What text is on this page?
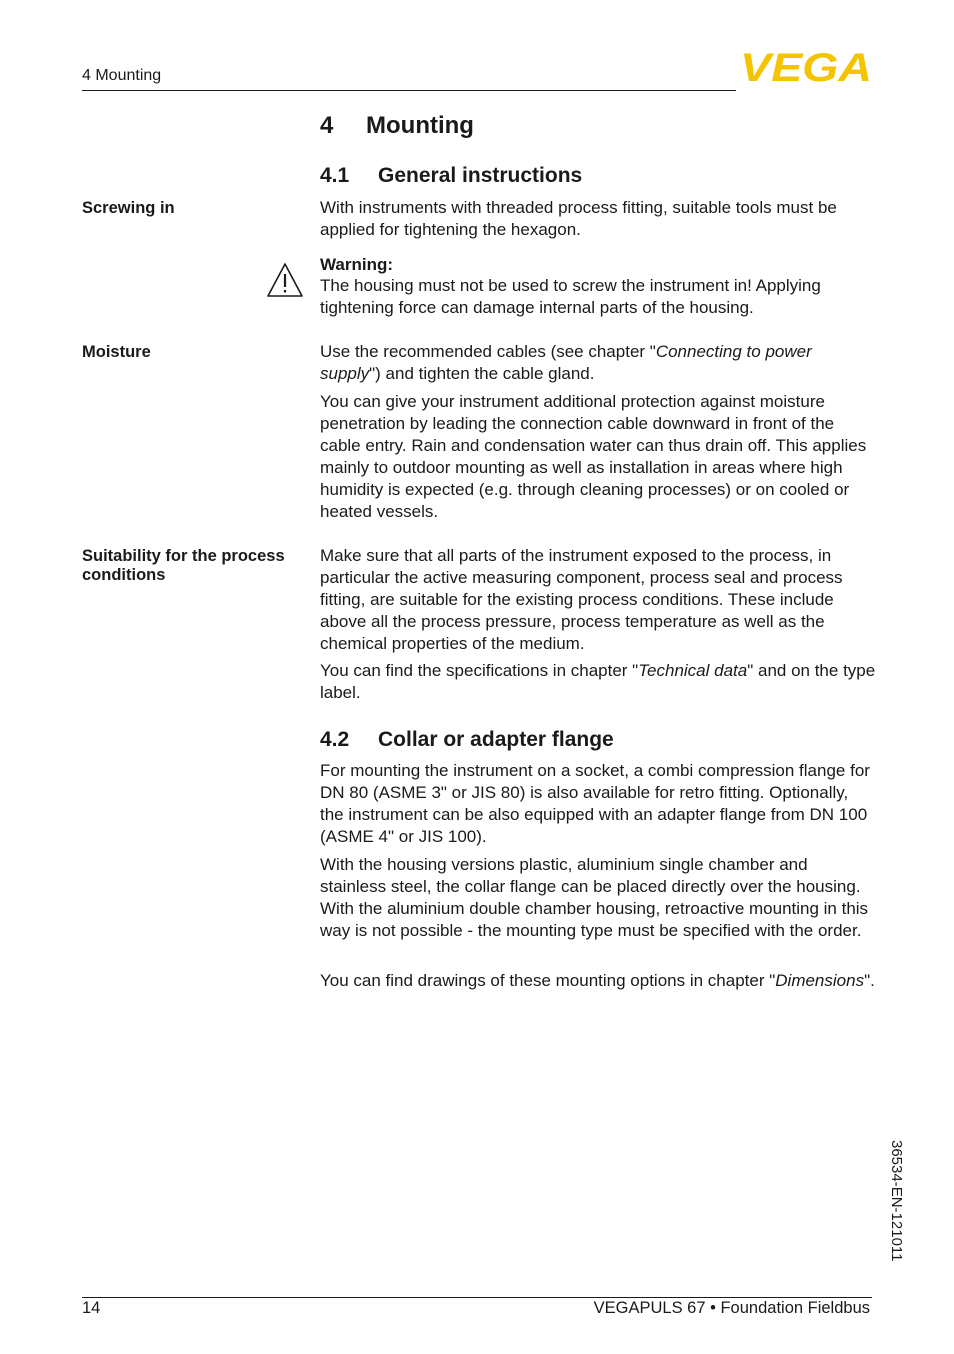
4 Mounting	VEGA
4 Mounting
4.1 General instructions
Screwing in	With instruments with threaded process fitting, suitable tools must be applied for tightening the hexagon.

Warning:

The housing must not be used to screw the instrument in! Applying tightening force can damage internal parts of the housing.

Moisture	Use the recommended cables (see chapter "Connecting to power supply") and tighten the cable gland.

You can give your instrument additional protection against moisture penetration by leading the connection cable downward in front of the cable entry. Rain and condensation water can thus drain off. This applies mainly to outdoor mounting as well as installation in areas where high humidity is expected (e.g. through cleaning processes) or on cooled or heated vessels.

Suitability for the process conditions

Make sure that all parts of the instrument exposed to the process, in particular the active measuring component, process seal and process fitting, are suitable for the existing process conditions. These include above all the process pressure, process temperature as well as the chemical properties of the medium.

You can find the specifications in chapter "Technical data" and on the type label.

4.2 Collar or adapter flange

For mounting the instrument on a socket, a combi compression flange for DN 80 (ASME 3" or JIS 80) is also available for retro fitting. Optionally, the instrument can be also equipped with an adapter flange from DN 100 (ASME 4" or JIS 100).

With the housing versions plastic, aluminium single chamber and stainless steel, the collar flange can be placed directly over the housing. With the aluminium double chamber housing, retroactive mounting in this way is not possible - the mounting type must be specified with the order.

You can find drawings of these mounting options in chapter "Dimensions".

36534-EN-121011
14	VEGAPULS 67 • Foundation Fieldbus
